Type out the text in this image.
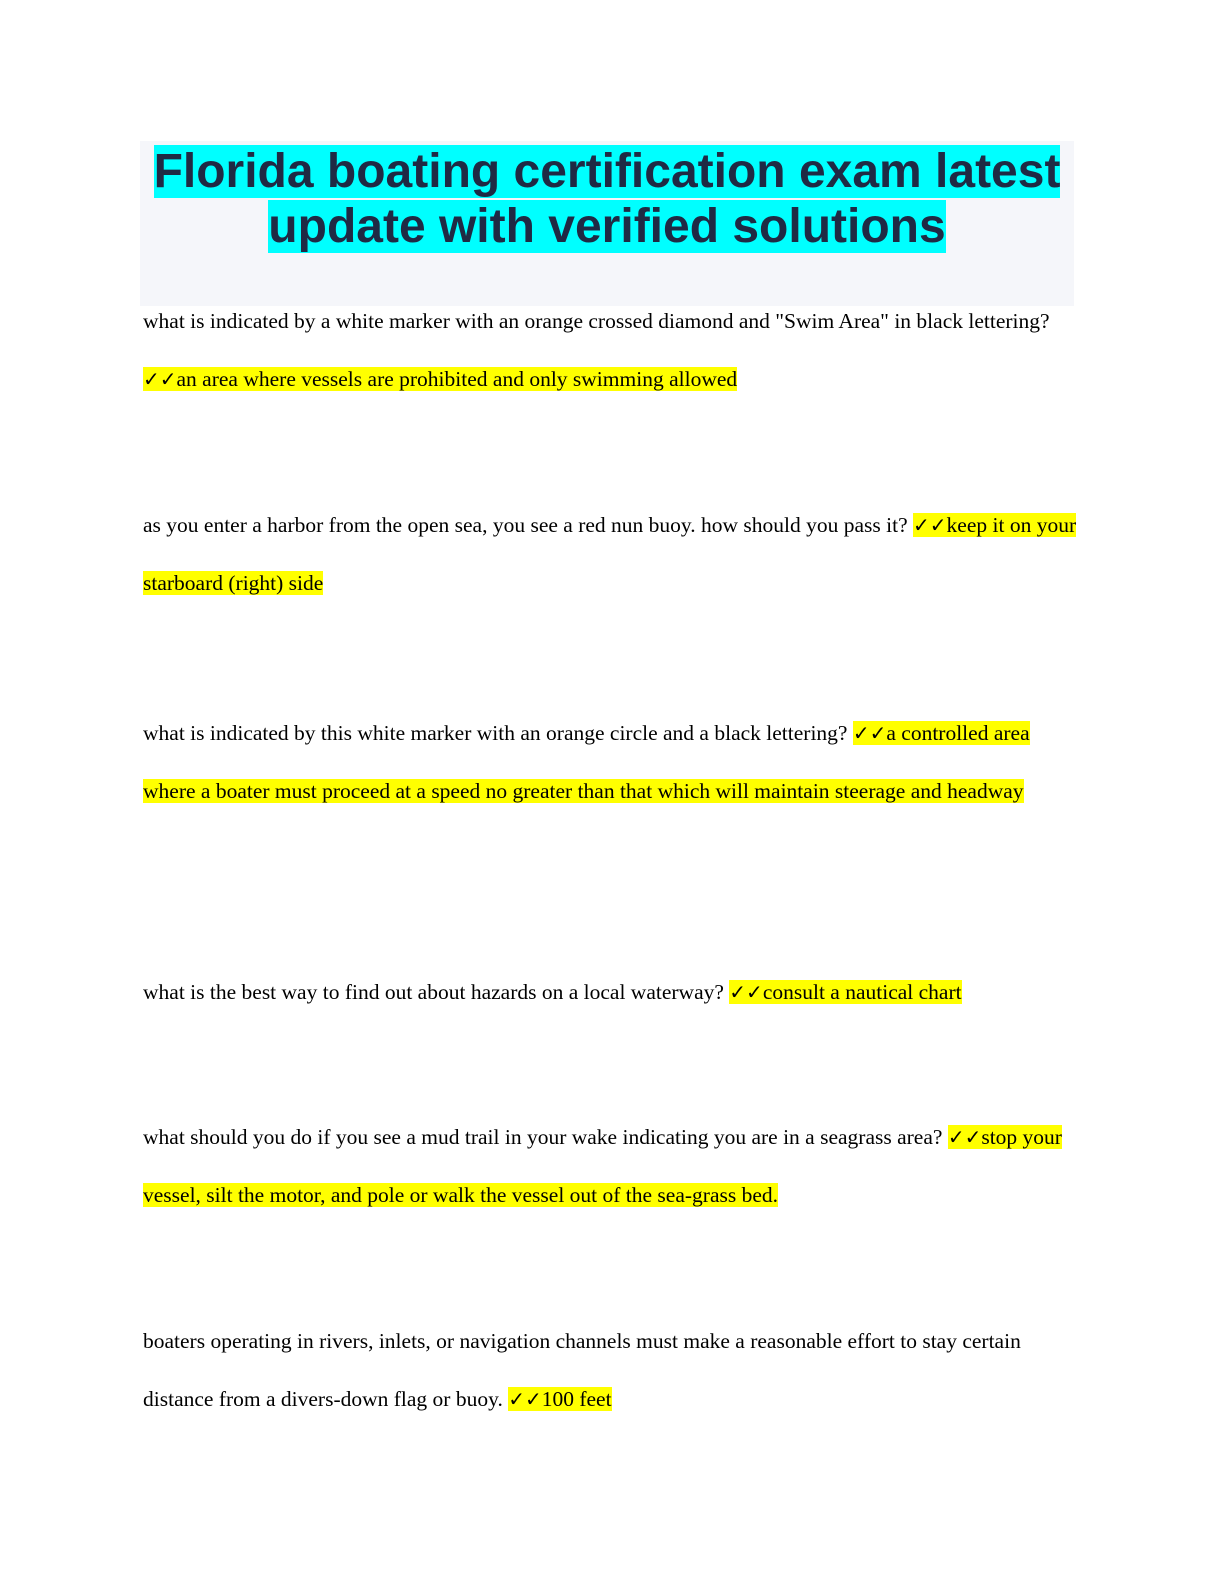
Florida boating certification exam latest
update with verified solutions

what is indicated by a white marker with an orange crossed diamond and "Swim Area" in black lettering? ✓✓an area where vessels are prohibited and only swimming allowed

as you enter a harbor from the open sea, you see a red nun buoy. how should you pass it? ✓✓keep it on your starboard (right) side

what is indicated by this white marker with an orange circle and a black lettering? ✓✓a controlled area where a boater must proceed at a speed no greater than that which will maintain steerage and headway

what is the best way to find out about hazards on a local waterway? ✓✓consult a nautical chart

what should you do if you see a mud trail in your wake indicating you are in a seagrass area? ✓✓stop your vessel, silt the motor, and pole or walk the vessel out of the sea-grass bed.

boaters operating in rivers, inlets, or navigation channels must make a reasonable effort to stay certain distance from a divers-down flag or buoy. ✓✓100 feet
